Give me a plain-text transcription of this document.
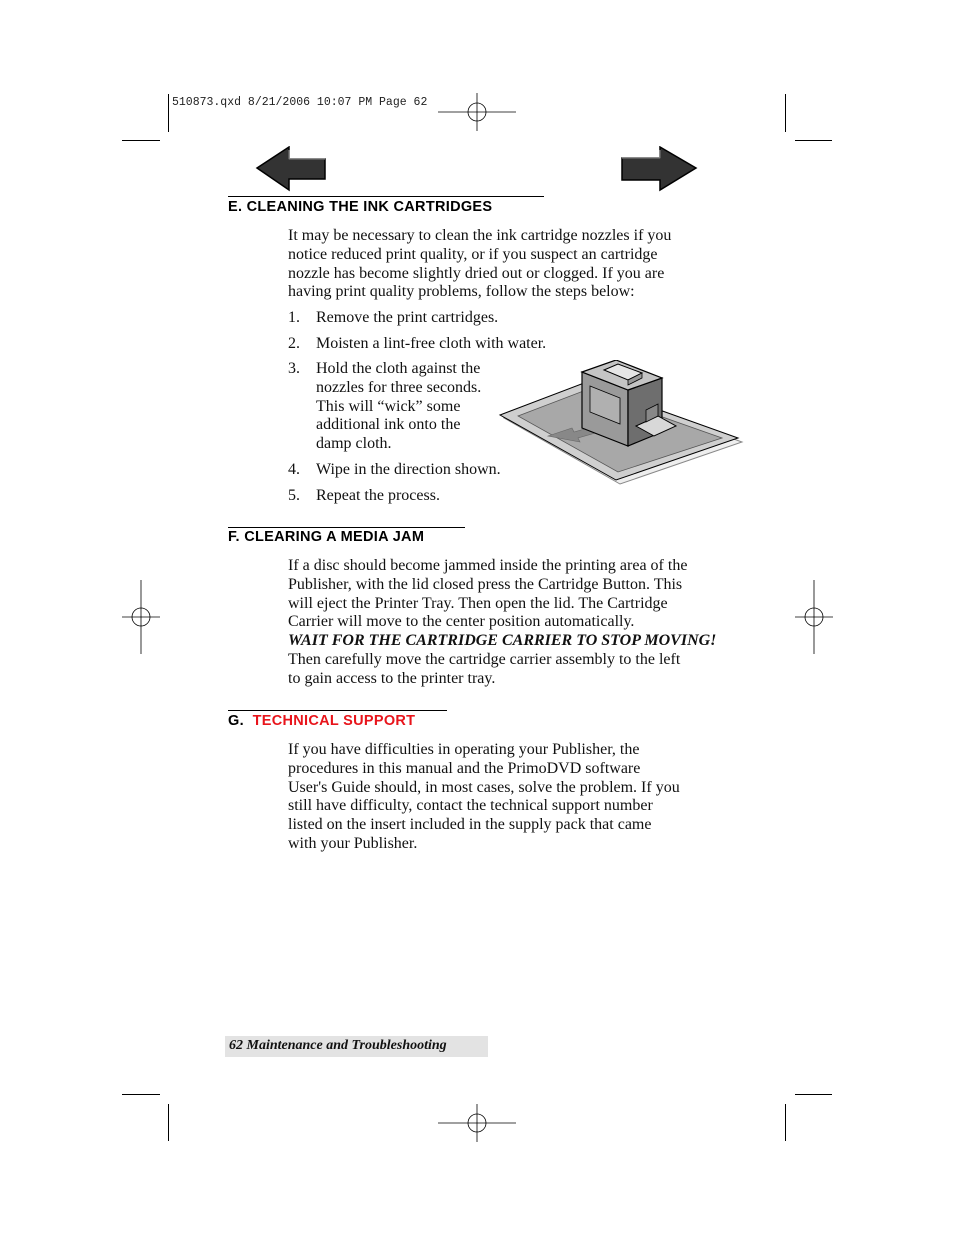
510873.qxd 8/21/2006 10:07 PM Page 62
E. CLEANING THE INK CARTRIDGES
It may be necessary to clean the ink cartridge nozzles if you
notice reduced print quality, or if you suspect an cartridge
nozzle has become slightly dried out or clogged. If you are
having print quality problems, follow the steps below:
1. Remove the print cartridges.
2. Moisten a lint-free cloth with water.
3. Hold the cloth against the
nozzles for three seconds.
This will “wick” some
additional ink onto the
damp cloth.
4. Wipe in the direction shown.
5. Repeat the process.
F. CLEARING A MEDIA JAM
If a disc should become jammed inside the printing area of the
Publisher, with the lid closed press the Cartridge Button. This
will eject the Printer Tray. Then open the lid. The Cartridge
Carrier will move to the center position automatically.
WAIT FOR THE CARTRIDGE CARRIER TO STOP MOVING!
Then carefully move the cartridge carrier assembly to the left
to gain access to the printer tray.
G. TECHNICAL SUPPORT
If you have difficulties in operating your Publisher, the
procedures in this manual and the PrimoDVD software
User's Guide should, in most cases, solve the problem. If you
still have difficulty, contact the technical support number
listed on the insert included in the supply pack that came
with your Publisher.
62 Maintenance and Troubleshooting
